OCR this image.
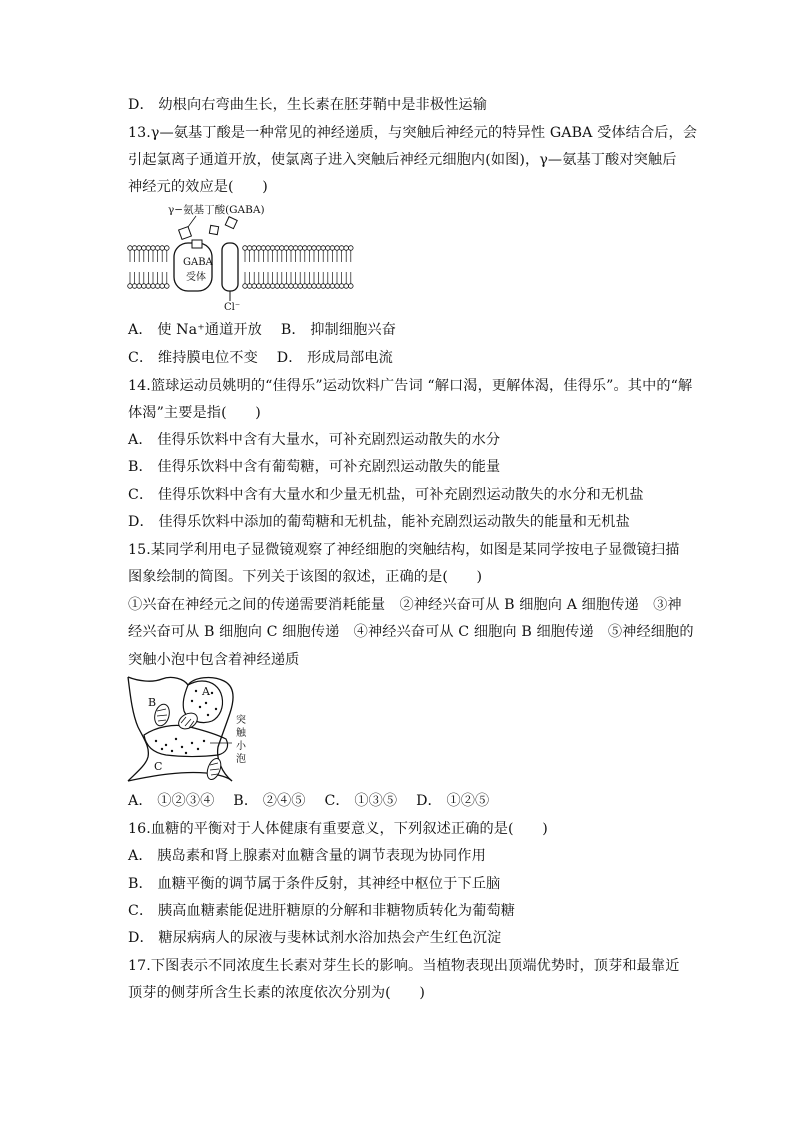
D． 幼根向右弯曲生长，生长素在胚芽鞘中是非极性运输
13.γ—氨基丁酸是一种常见的神经递质，与突触后神经元的特异性 GABA 受体结合后，会
引起氯离子通道开放，使氯离子进入突触后神经元细胞内(如图)，γ—氨基丁酸对突触后
神经元的效应是(　　)
A． 使 Na⁺通道开放　 B． 抑制细胞兴奋
C． 维持膜电位不变　 D． 形成局部电流
14.篮球运动员姚明的“佳得乐”运动饮料广告词 “解口渴，更解体渴，佳得乐”。其中的“解
体渴”主要是指(　　)
A． 佳得乐饮料中含有大量水，可补充剧烈运动散失的水分
B． 佳得乐饮料中含有葡萄糖，可补充剧烈运动散失的能量
C． 佳得乐饮料中含有大量水和少量无机盐，可补充剧烈运动散失的水分和无机盐
D． 佳得乐饮料中添加的葡萄糖和无机盐，能补充剧烈运动散失的能量和无机盐
15.某同学利用电子显微镜观察了神经细胞的突触结构，如图是某同学按电子显微镜扫描
图象绘制的简图。下列关于该图的叙述，正确的是(　　)
①兴奋在神经元之间的传递需要消耗能量　②神经兴奋可从 B 细胞向 A 细胞传递　③神
经兴奋可从 B 细胞向 C 细胞传递　④神经兴奋可从 C 细胞向 B 细胞传递　⑤神经细胞的
突触小泡中包含着神经递质
A． ①②③④　 B． ②④⑤　 C． ①③⑤　 D． ①②⑤
16.血糖的平衡对于人体健康有重要意义，下列叙述正确的是(　　)
A． 胰岛素和肾上腺素对血糖含量的调节表现为协同作用
B． 血糖平衡的调节属于条件反射，其神经中枢位于下丘脑
C． 胰高血糖素能促进肝糖原的分解和非糖物质转化为葡萄糖
D． 糖尿病病人的尿液与斐林试剂水浴加热会产生红色沉淀
17.下图表示不同浓度生长素对芽生长的影响。当植物表现出顶端优势时，顶芽和最靠近
顶芽的侧芽所含生长素的浓度依次分别为(　　)
γ−氨基丁酸(GABA)
GABA
受体
Cl⁻
A
B
C
突
触
小
泡
